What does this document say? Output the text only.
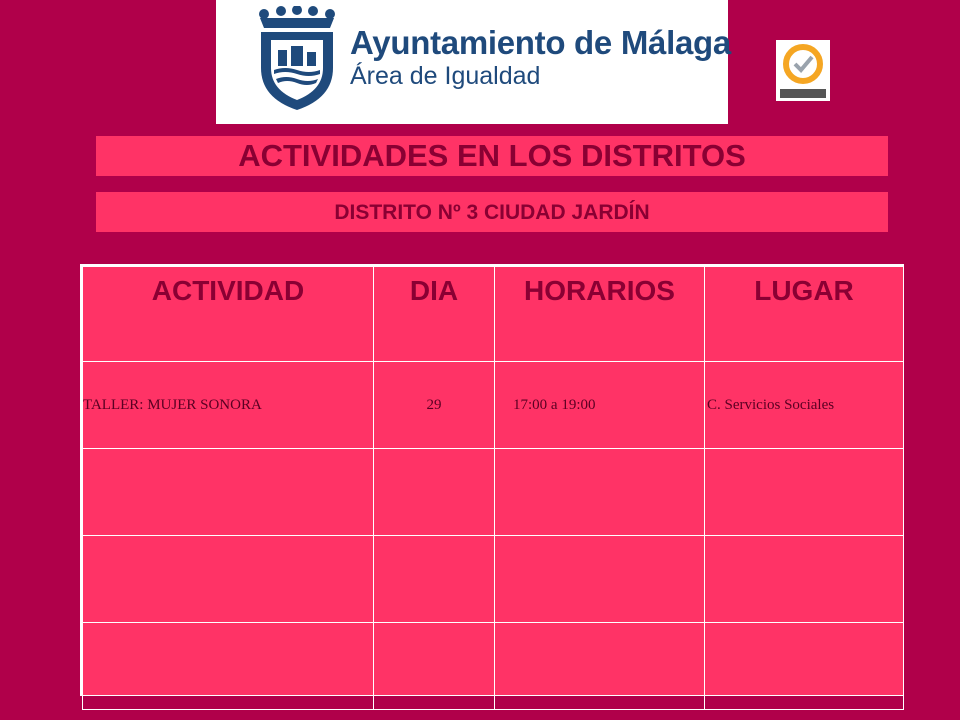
Ayuntamiento de Málaga
Área de Igualdad
ACTIVIDADES EN LOS DISTRITOS
DISTRITO Nº 3 CIUDAD JARDÍN
ACTIVIDAD	DIA	HORARIOS	LUGAR
TALLER: MUJER SONORA	29	17:00 a 19:00	C. Servicios Sociales
